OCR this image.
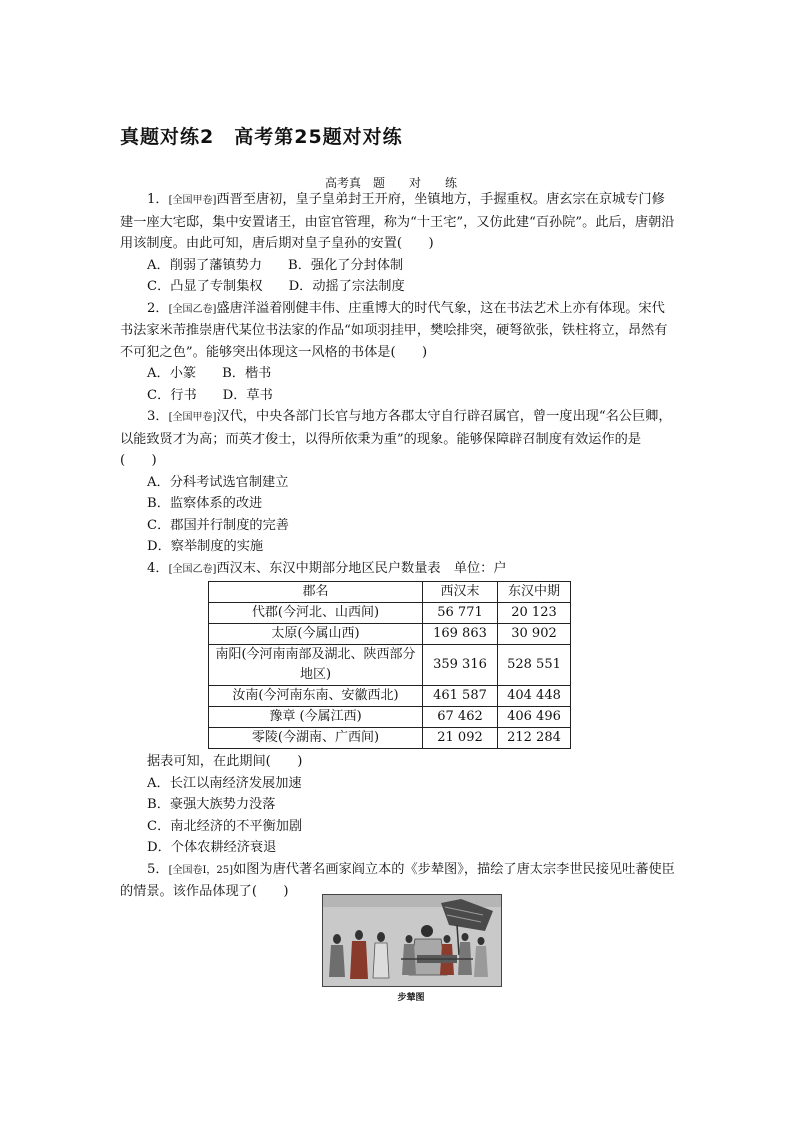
真题对练2　高考第25题对对练
高考真 题 对 练

1．[全国甲卷]西晋至唐初，皇子皇弟封王开府，坐镇地方，手握重权。唐玄宗在京城专门修建一座大宅邸，集中安置诸王，由宦官管理，称为“十王宅”，又仿此建“百孙院”。此后，唐朝沿用该制度。由此可知，唐后期对皇子皇孙的安置(　　)

A．削弱了藩镇势力 B．强化了分封体制

C．凸显了专制集权 D．动摇了宗法制度

2．[全国乙卷]盛唐洋溢着刚健丰伟、庄重博大的时代气象，这在书法艺术上亦有体现。宋代书法家米芾推崇唐代某位书法家的作品“如项羽挂甲，樊哙排突，硬弩欲张，铁柱将立，昂然有不可犯之色”。能够突出体现这一风格的书体是(　　)

A．小篆 B．楷书

C．行书 D．草书

3．[全国甲卷]汉代，中央各部门长官与地方各郡太守自行辟召属官，曾一度出现“名公巨卿，以能致贤才为高；而英才俊士，以得所依秉为重”的现象。能够保障辟召制度有效运作的是(　　)

A．分科考试选官制建立

B．监察体系的改进

C．郡国并行制度的完善

D．察举制度的实施

4．[全国乙卷]西汉末、东汉中期部分地区民户数量表　单位：户

郡名	西汉末	东汉中期
代郡(今河北、山西间)	56 771	20 123
太原(今属山西)	169 863	30 902
南阳(今河南南部及湖北、陕西部分地区)	359 316	528 551
汝南(今河南东南、安徽西北)	461 587	404 448
豫章 (今属江西)	67 462	406 496
零陵(今湖南、广西间)	21 092	212 284

据表可知，在此期间(　　)

A．长江以南经济发展加速

B．豪强大族势力没落

C．南北经济的不平衡加剧

D．个体农耕经济衰退

5．[全国卷Ⅰ，25]如图为唐代著名画家阎立本的《步辇图》，描绘了唐太宗李世民接见吐蕃使臣的情景。该作品体现了(　　)

步辇图
